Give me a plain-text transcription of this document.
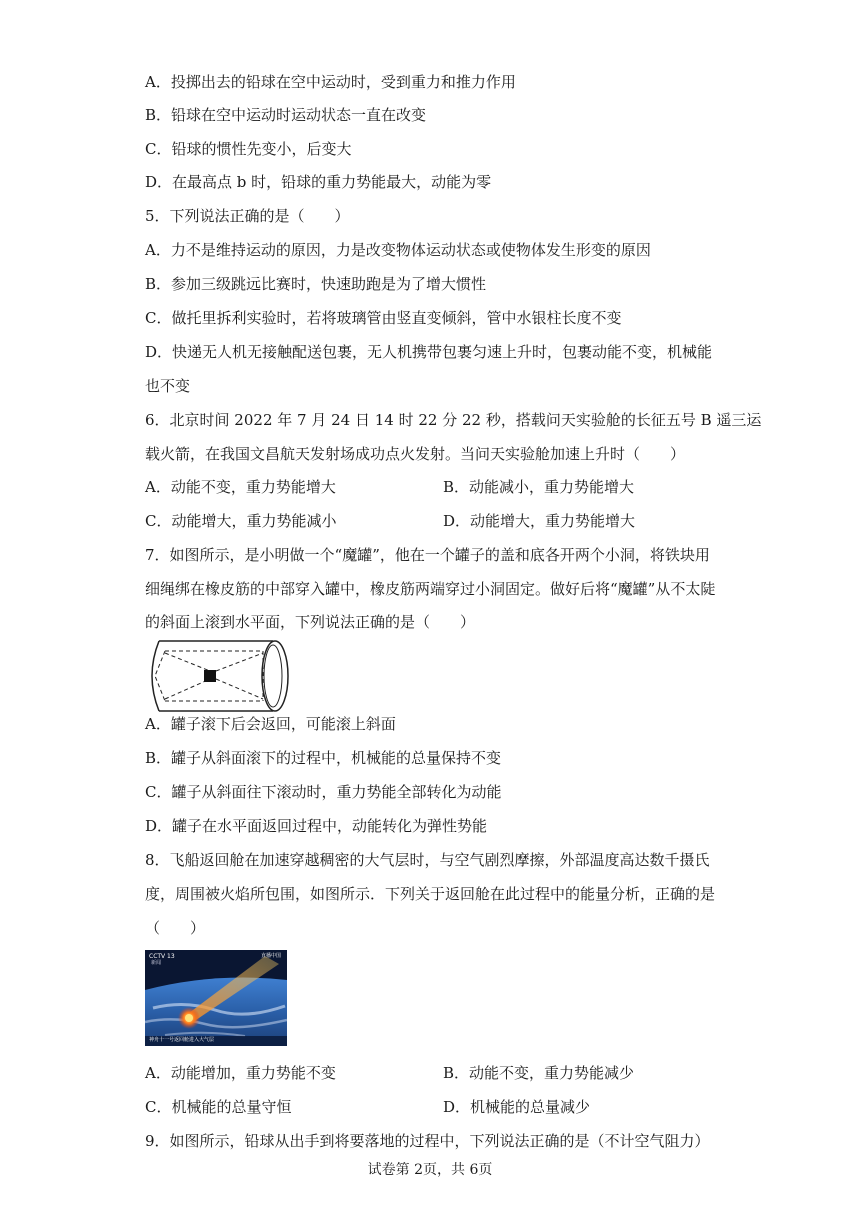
A．投掷出去的铅球在空中运动时，受到重力和推力作用
B．铅球在空中运动时运动状态一直在改变
C．铅球的惯性先变小，后变大
D．在最高点 b 时，铅球的重力势能最大，动能为零
5．下列说法正确的是（　　）
A．力不是维持运动的原因，力是改变物体运动状态或使物体发生形变的原因
B．参加三级跳远比赛时，快速助跑是为了增大惯性
C．做托里拆利实验时，若将玻璃管由竖直变倾斜，管中水银柱长度不变
D．快递无人机无接触配送包裹，无人机携带包裹匀速上升时，包裹动能不变，机械能
也不变
6．北京时间 2022 年 7 月 24 日 14 时 22 分 22 秒，搭载问天实验舱的长征五号 B 遥三运
载火箭，在我国文昌航天发射场成功点火发射。当问天实验舱加速上升时（　　）
A．动能不变，重力势能增大	B．动能减小，重力势能增大
C．动能增大，重力势能减小	D．动能增大，重力势能增大
7．如图所示，是小明做一个“魔罐”，他在一个罐子的盖和底各开两个小洞，将铁块用
细绳绑在橡皮筋的中部穿入罐中，橡皮筋两端穿过小洞固定。做好后将“魔罐”从不太陡
的斜面上滚到水平面，下列说法正确的是（　　）
A．罐子滚下后会返回，可能滚上斜面
B．罐子从斜面滚下的过程中，机械能的总量保持不变
C．罐子从斜面往下滚动时，重力势能全部转化为动能
D．罐子在水平面返回过程中，动能转化为弹性势能
8．飞船返回舱在加速穿越稠密的大气层时，与空气剧烈摩擦，外部温度高达数千摄氏
度，周围被火焰所包围，如图所示．下列关于返回舱在此过程中的能量分析，正确的是
（　　）
CCTV 13
新闻
直播中国
神舟十一号返回舱进入大气层
A．动能增加，重力势能不变	B．动能不变，重力势能减少
C．机械能的总量守恒	D．机械能的总量减少
9．如图所示，铅球从出手到将要落地的过程中，下列说法正确的是（不计空气阻力）
试卷第 2页，共 6页
